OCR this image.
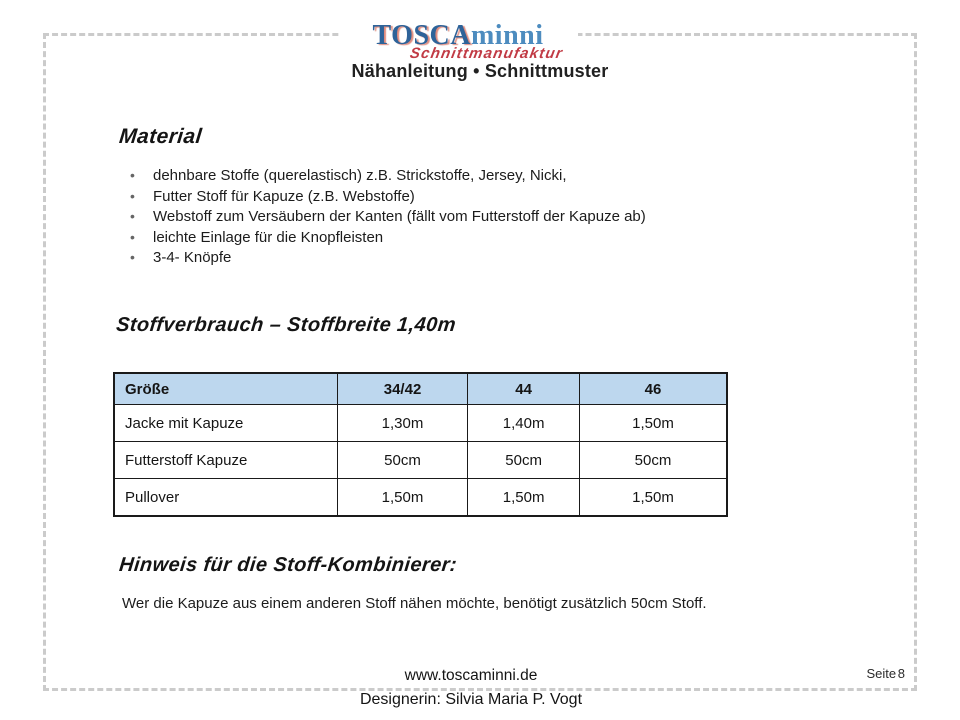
TOSCAminni
Schnittmanufaktur
Nähanleitung • Schnittmuster
Material
•
dehnbare Stoffe (querelastisch) z.B. Strickstoffe, Jersey, Nicki,
•
Futter Stoff für Kapuze (z.B. Webstoffe)
•
Webstoff zum Versäubern der Kanten (fällt vom Futterstoff der Kapuze ab)
•
leichte Einlage für die Knopfleisten
•
3-4- Knöpfe
Stoffverbrauch – Stoffbreite 1,40m
Größe	34/42	44	46
Jacke mit Kapuze	1,30m	1,40m	1,50m
Futterstoff Kapuze	50cm	50cm	50cm
Pullover	1,50m	1,50m	1,50m
Hinweis für die Stoff-Kombinierer:
Wer die Kapuze aus einem anderen Stoff nähen möchte, benötigt zusätzlich 50cm Stoff.
Seite 8
www.toscaminni.de
Designerin: Silvia Maria P. Vogt
